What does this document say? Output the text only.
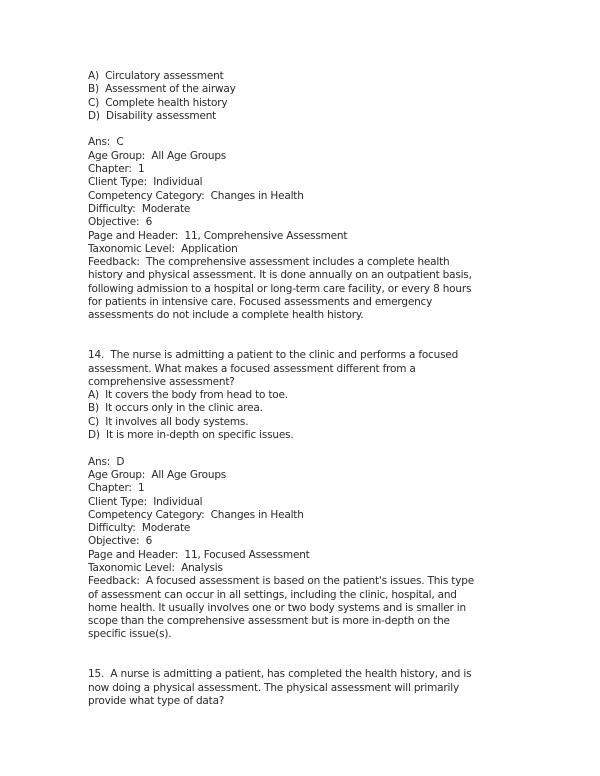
A)  Circulatory assessment
B)  Assessment of the airway
C)  Complete health history
D)  Disability assessment
Ans:  C
Age Group:  All Age Groups
Chapter:  1
Client Type:  Individual
Competency Category:  Changes in Health
Difficulty:  Moderate
Objective:  6
Page and Header:  11, Comprehensive Assessment
Taxonomic Level:  Application
Feedback:  The comprehensive assessment includes a complete health
history and physical assessment. It is done annually on an outpatient basis,
following admission to a hospital or long-term care facility, or every 8 hours
for patients in intensive care. Focused assessments and emergency
assessments do not include a complete health history.
14.  The nurse is admitting a patient to the clinic and performs a focused
assessment. What makes a focused assessment different from a
comprehensive assessment?
A)  It covers the body from head to toe.
B)  It occurs only in the clinic area.
C)  It involves all body systems.
D)  It is more in-depth on specific issues.
Ans:  D
Age Group:  All Age Groups
Chapter:  1
Client Type:  Individual
Competency Category:  Changes in Health
Difficulty:  Moderate
Objective:  6
Page and Header:  11, Focused Assessment
Taxonomic Level:  Analysis
Feedback:  A focused assessment is based on the patient's issues. This type
of assessment can occur in all settings, including the clinic, hospital, and
home health. It usually involves one or two body systems and is smaller in
scope than the comprehensive assessment but is more in-depth on the
specific issue(s).
15.  A nurse is admitting a patient, has completed the health history, and is
now doing a physical assessment. The physical assessment will primarily
provide what type of data?
